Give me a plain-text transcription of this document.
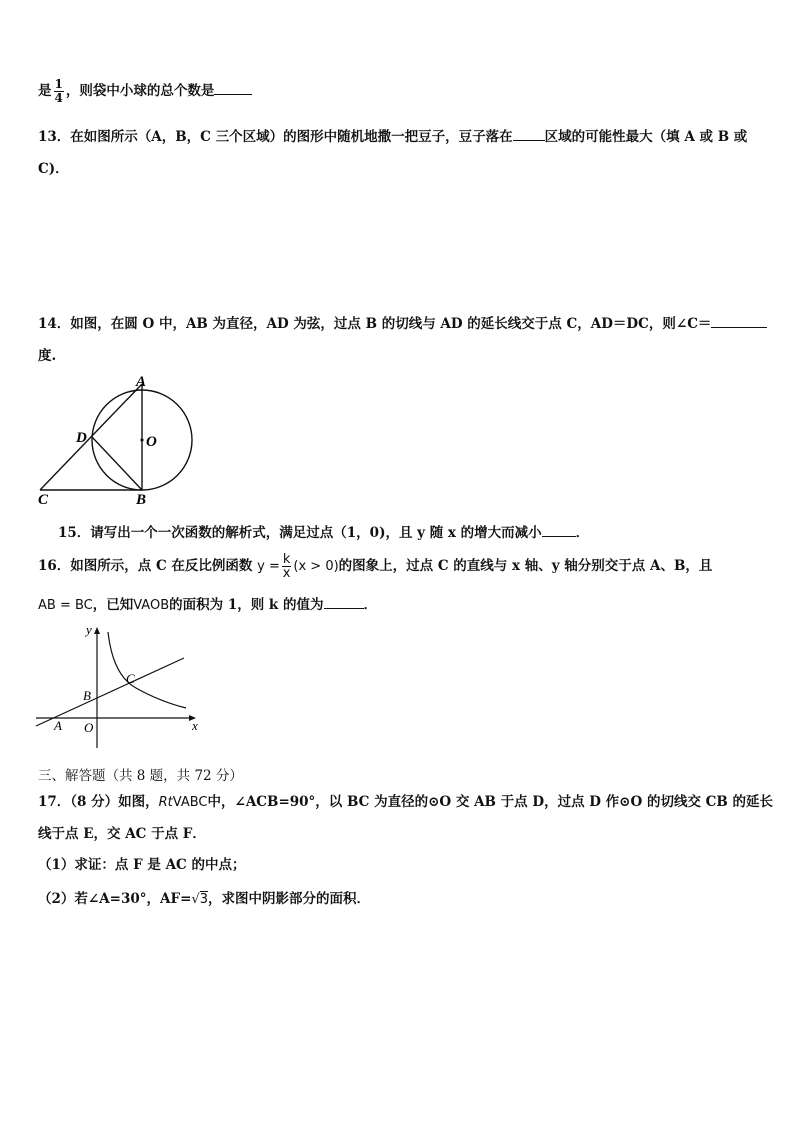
是 $\frac{1}{4}$ ，则袋中小球的总个数是
13．在如图所示（A，B，C 三个区域）的图形中随机地撒一把豆子，豆子落在 区域的可能性最大（填 A 或 B 或
C)．
14．如图，在圆 O 中，AB 为直径，AD 为弦，过点 B 的切线与 AD 的延长线交于点 C，AD＝DC，则∠C＝
度.
A
D	O
C	B
15．请写出一个一次函数的解析式，满足过点（1，0)，且 y 随 x 的增大而减小	．
16．如图所示，点 C 在反比例函数 $y = \frac{k}{x} (x > 0)$的图象上，过点 C 的直线与 x 轴、y 轴分别交于点 A、B，且
AB = BC，已知VAOB的面积为 1，则 k 的值为	．
y
x
B
C
A O
三、解答题（共 8 题，共 72 分）
17．（8 分）如图，RtVABC中，∠ACB=90°，以 BC 为直径的⊙O 交 AB 于点 D，过点 D 作⊙O 的切线交 CB 的延长
线于点 E，交 AC 于点 F．
（1）求证：点 F 是 AC 的中点；
（2）若∠A=30°，AF=√3，求图中阴影部分的面积．
